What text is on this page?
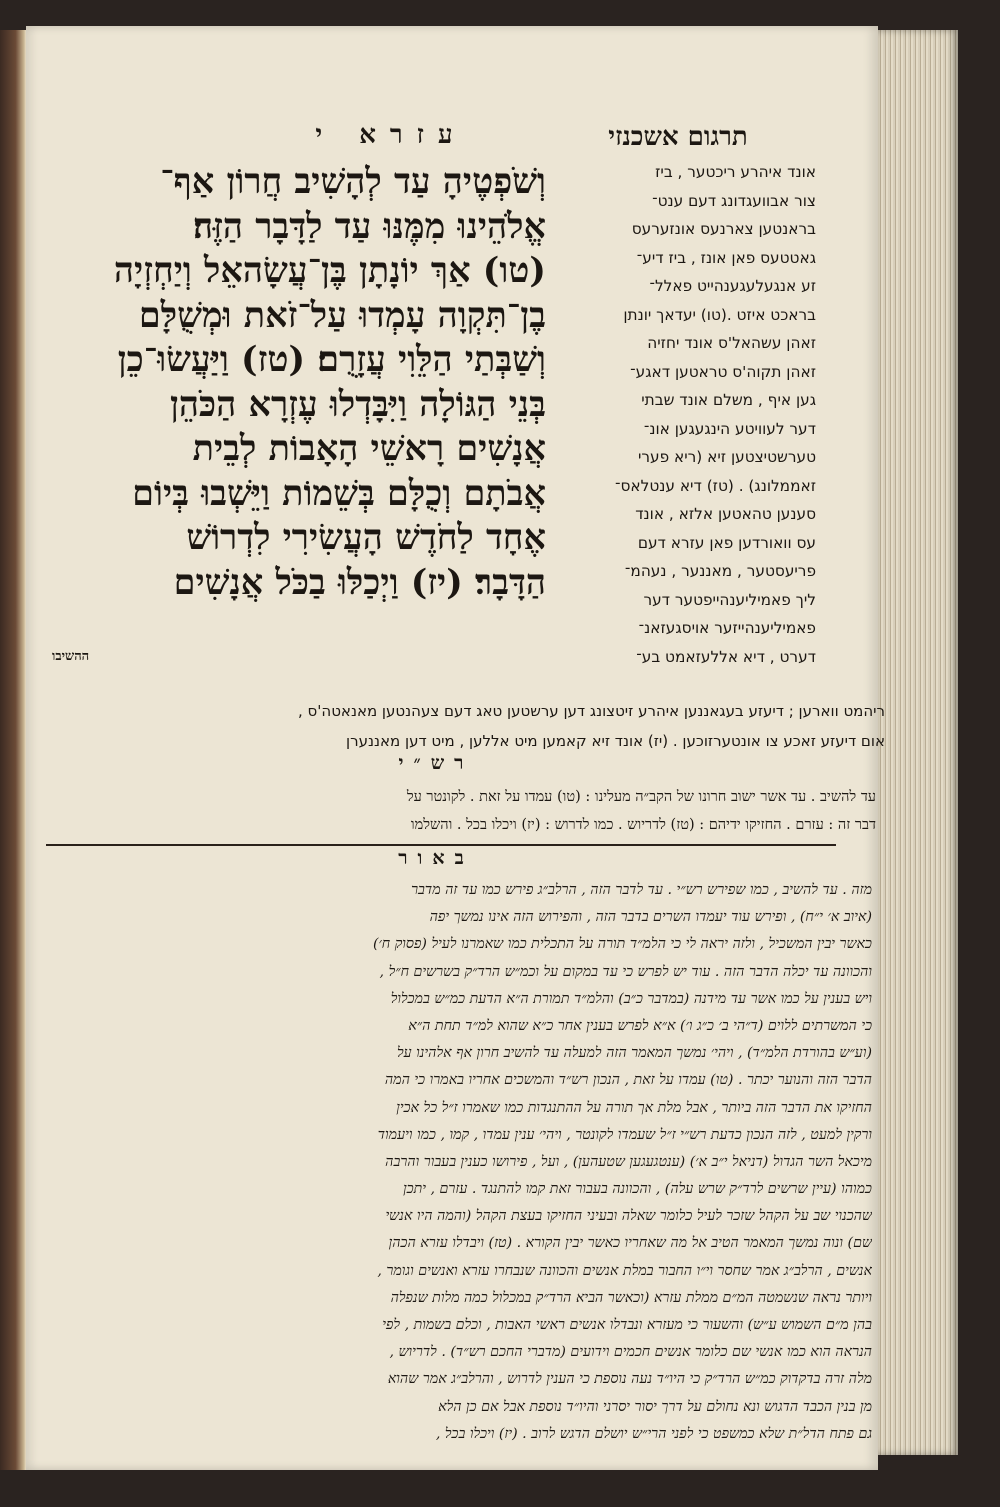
תרגום אשכנזי
עזרא י
אונד איהרע ריכטער , ביז
צור אבוועגדונג דעם ענט־
בראנטען צארנעס אונזערעס
גאטטעס פאן אונז , ביז דיע־
זע אנגעלעגענהייט פאלל־
בראכט איזט .(טו) יעדאך יונתן
זאהן עשהאל'ס אונד יחזיה
זאהן תקוה'ס טראטען דאגע־
גען איף , משלם אונד שבתי
דער לעוויטע הינגעגען אונ־
טערשטיצטען זיא (ריא פערי
זאממלונג) . (טז) דיא ענטלאס־
סענען טהאטען אלזא , אונד
עס וואורדען פאן עזרא דעם
פריעסטער , מאננער , נעהמ־
ליך פאמיליענהייפטער דער
פאמיליענהייזער אויסגעזאנ־
דערט , דיא אללעזאמט בע־
וְשֹׁפְטֶיהָ עַד לְהָשִׁיב חֲרוֹן אַף־
אֱלֹהֵינוּ מִמֶּנּוּ עַד לַדָּבָר הַזֶּה׃
(טו) אַךְ יוֹנָתָן בֶּן־עֲשָׂהאֵל וְיַחְזְיָה
בֶן־תִּקְוָה עָמְדוּ עַל־זֹאת וּמְשֻׁלָּם
וְשַׁבְּתַי הַלֵּוִי עֲזָרֻם׃ (טז) וַיַּעֲשׂוּ־כֵן
בְּנֵי הַגּוֹלָה וַיִּבָּדְלוּ עֶזְרָא הַכֹּהֵן
אֲנָשִׁים רָאשֵׁי הָאָבוֹת לְבֵית
אֲבֹתָם וְכֻלָּם בְּשֵׁמוֹת וַיֵּשְׁבוּ בְּיוֹם
אֶחָד לַחֹדֶשׁ הָעֲשִׂירִי לִדְרוֹשׁ
הַדָּבָר׃ (יז) וַיְכַלּוּ בַכֹּל אֲנָשִׁים
ההשיבו
ריהמט ווארען ; דיעזע בעגאננען איהרע זיטצונג דען ערשטען טאג דעם צעהנטען מאנאטה'ס ,
אום דיעזע זאכע צו אונטערזוכען . (יז) אונד זיא קאמען מיט אללען , מיט דען מאננערן
רש״י
עד להשיב . עד אשר ישוב חרונו של הקב״ה מעלינו : (טו) עמדו על זאת . לקונטר על
דבר זה : עזרם . החזיקו ידיהם : (טז) לדריוש . כמו לדרוש : (יז) ויכלו בכל . והשלמו
באור
מזה . עד להשיב , כמו שפירש רש״י . עד לדבר הזה , הרלב״ג פירש כמו עד זה מדבר
(איוב א׳ י״ח) , ופירש עוד יעמדו השרים בדבר הזה , והפירוש הזה אינו נמשך יפה
כאשר יבין המשכיל , ולזה יראה לי כי הלמ״ד תורה על התכלית כמו שאמרנו לעיל (פסוק ח׳)
והכוונה עד יכלה הדבר הזה . עוד יש לפרש כי עד במקום על וכמ״ש הרד״ק בשרשים ח״ל ,
ויש בענין על כמו אשר עד מידנה (במדבר כ״ב) והלמ״ד תמורת ה״א הדעת כמ״ש במכלול
כי המשרתים ללוים (ד״הי ב׳ כ״ג ו׳) א״א לפרש בענין אחר כ״א שהוא למ״ד תחת ה״א
(וע״ש בהורדת הלמ״ד) , ויהי׳ נמשך המאמר הזה למעלה עד להשיב חרון אף אלהינו על
הדבר הזה והנוער יכתר . (טו) עמדו על זאת , הנכון רש״ד והמשכים אחריו באמרו כי המה
החזיקו את הדבר הזה ביותר , אבל מלת אך תורה על ההתנגדות כמו שאמרו ז״ל כל אכין
ורקין למעט , לזה הנכון כדעת רש״י ז״ל שעמדו לקונטר , ויהי׳ ענין עמדו , קמו , כמו ויעמוד
מיכאל השר הגדול (דניאל י״ב א׳) (ענטגעגען שטעהען) , ועל , פירושו כענין בעבור והרבה
כמוהו (עיין שרשים לרד״ק שרש עלה) , והכוונה בעבור זאת קמו להתנגד . עזרם , יתכן
שהכנוי שב על הקהל שזכר לעיל כלומר שאלה ובעיני החזיקו בעצת הקהל (והמה היו אנשי
שם) ונוה נמשך המאמר הטיב אל מה שאחריו כאשר יבין הקורא . (טז) ויבדלו עזרא הכהן
אנשים , הרלב״ג אמר שחסר וי״ו החבור במלת אנשים והכוונה שנבחרו עזרא ואנשים וגומר ,
ויותר נראה שנשמטה המ״ם ממלת עזרא (וכאשר הביא הרד״ק במכלול כמה מלות שנפלה
בהן מ״ם השמוש ע״ש) והשעור כי מעזרא ונבדלו אנשים ראשי האבות , וכלם בשמות , לפי
הנראה הוא כמו אנשי שם כלומר אנשים חכמים וידועים (מדברי החכם רש״ד) . לדריוש ,
מלה זרה בדקדוק כמ״ש הרד״ק כי היו״ד נעה נוספת כי הענין לדרוש , והרלב״ג אמר שהוא
מן בנין הכבד הדגוש ונא נחולם על דרך יסור יסרני והיו״ד נוספת אבל אם כן הלא
גם פתח הדל״ת שלא כמשפט כי לפני הרי״ש יושלם הדגש לרוב . (יז) ויכלו בכל ,
